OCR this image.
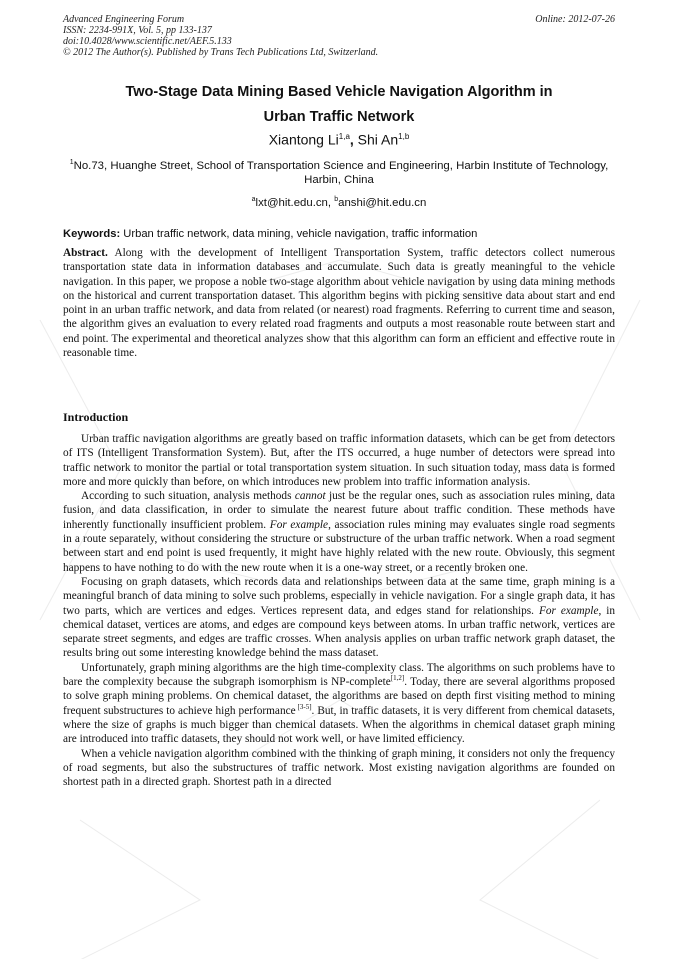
Advanced Engineering Forum
ISSN: 2234-991X, Vol. 5, pp 133-137
doi:10.4028/www.scientific.net/AEF.5.133
© 2012 The Author(s). Published by Trans Tech Publications Ltd, Switzerland.
Online: 2012-07-26
Two-Stage Data Mining Based Vehicle Navigation Algorithm in
Urban Traffic Network
Xiantong Li$^{1,a}$, Shi An$^{1,b}$
$^1$No.73, Huanghe Street, School of Transportation Science and Engineering, Harbin Institute of Technology, Harbin, China
$^a$lxt@hit.edu.cn, $^b$anshi@hit.edu.cn
Keywords: Urban traffic network, data mining, vehicle navigation, traffic information
Abstract. Along with the development of Intelligent Transportation System, traffic detectors collect numerous transportation state data in information databases and accumulate. Such data is greatly meaningful to the vehicle navigation. In this paper, we propose a noble two-stage algorithm about vehicle navigation by using data mining methods on the historical and current transportation dataset. This algorithm begins with picking sensitive data about start and end point in an urban traffic network, and data from related (or nearest) road fragments. Referring to current time and season, the algorithm gives an evaluation to every related road fragments and outputs a most reasonable route between start and end point. The experimental and theoretical analyzes show that this algorithm can form an efficient and effective route in reasonable time.
Introduction

Urban traffic navigation algorithms are greatly based on traffic information datasets, which can be get from detectors of ITS (Intelligent Transformation System). But, after the ITS occurred, a huge number of detectors were spread into traffic network to monitor the partial or total transportation system situation. In such situation today, mass data is formed more and more quickly than before, on which introduces new problem into traffic information analysis.

According to such situation, analysis methods cannot just be the regular ones, such as association rules mining, data fusion, and data classification, in order to simulate the nearest future about traffic condition. These methods have inherently functionally insufficient problem. For example, association rules mining may evaluates single road segments in a route separately, without considering the structure or substructure of the urban traffic network. When a road segment between start and end point is used frequently, it might have highly related with the new route. Obviously, this segment happens to have nothing to do with the new route when it is a one-way street, or a recently broken one.

Focusing on graph datasets, which records data and relationships between data at the same time, graph mining is a meaningful branch of data mining to solve such problems, especially in vehicle navigation. For a single graph data, it has two parts, which are vertices and edges. Vertices represent data, and edges stand for relationships. For example, in chemical dataset, vertices are atoms, and edges are compound keys between atoms. In urban traffic network, vertices are separate street segments, and edges are traffic crosses. When analysis applies on urban traffic network graph dataset, the results bring out some interesting knowledge behind the mass dataset.

Unfortunately, graph mining algorithms are the high time-complexity class. The algorithms on such problems have to bare the complexity because the subgraph isomorphism is NP-complete[1,2]. Today, there are several algorithms proposed to solve graph mining problems. On chemical dataset, the algorithms are based on depth first visiting method to mining frequent substructures to achieve high performance [3-5]. But, in traffic datasets, it is very different from chemical datasets, where the size of graphs is much bigger than chemical datasets. When the algorithms in chemical dataset graph mining are introduced into traffic datasets, they should not work well, or have limited efficiency.

When a vehicle navigation algorithm combined with the thinking of graph mining, it considers not only the frequency of road segments, but also the substructures of traffic network. Most existing navigation algorithms are founded on shortest path in a directed graph. Shortest path in a directed
